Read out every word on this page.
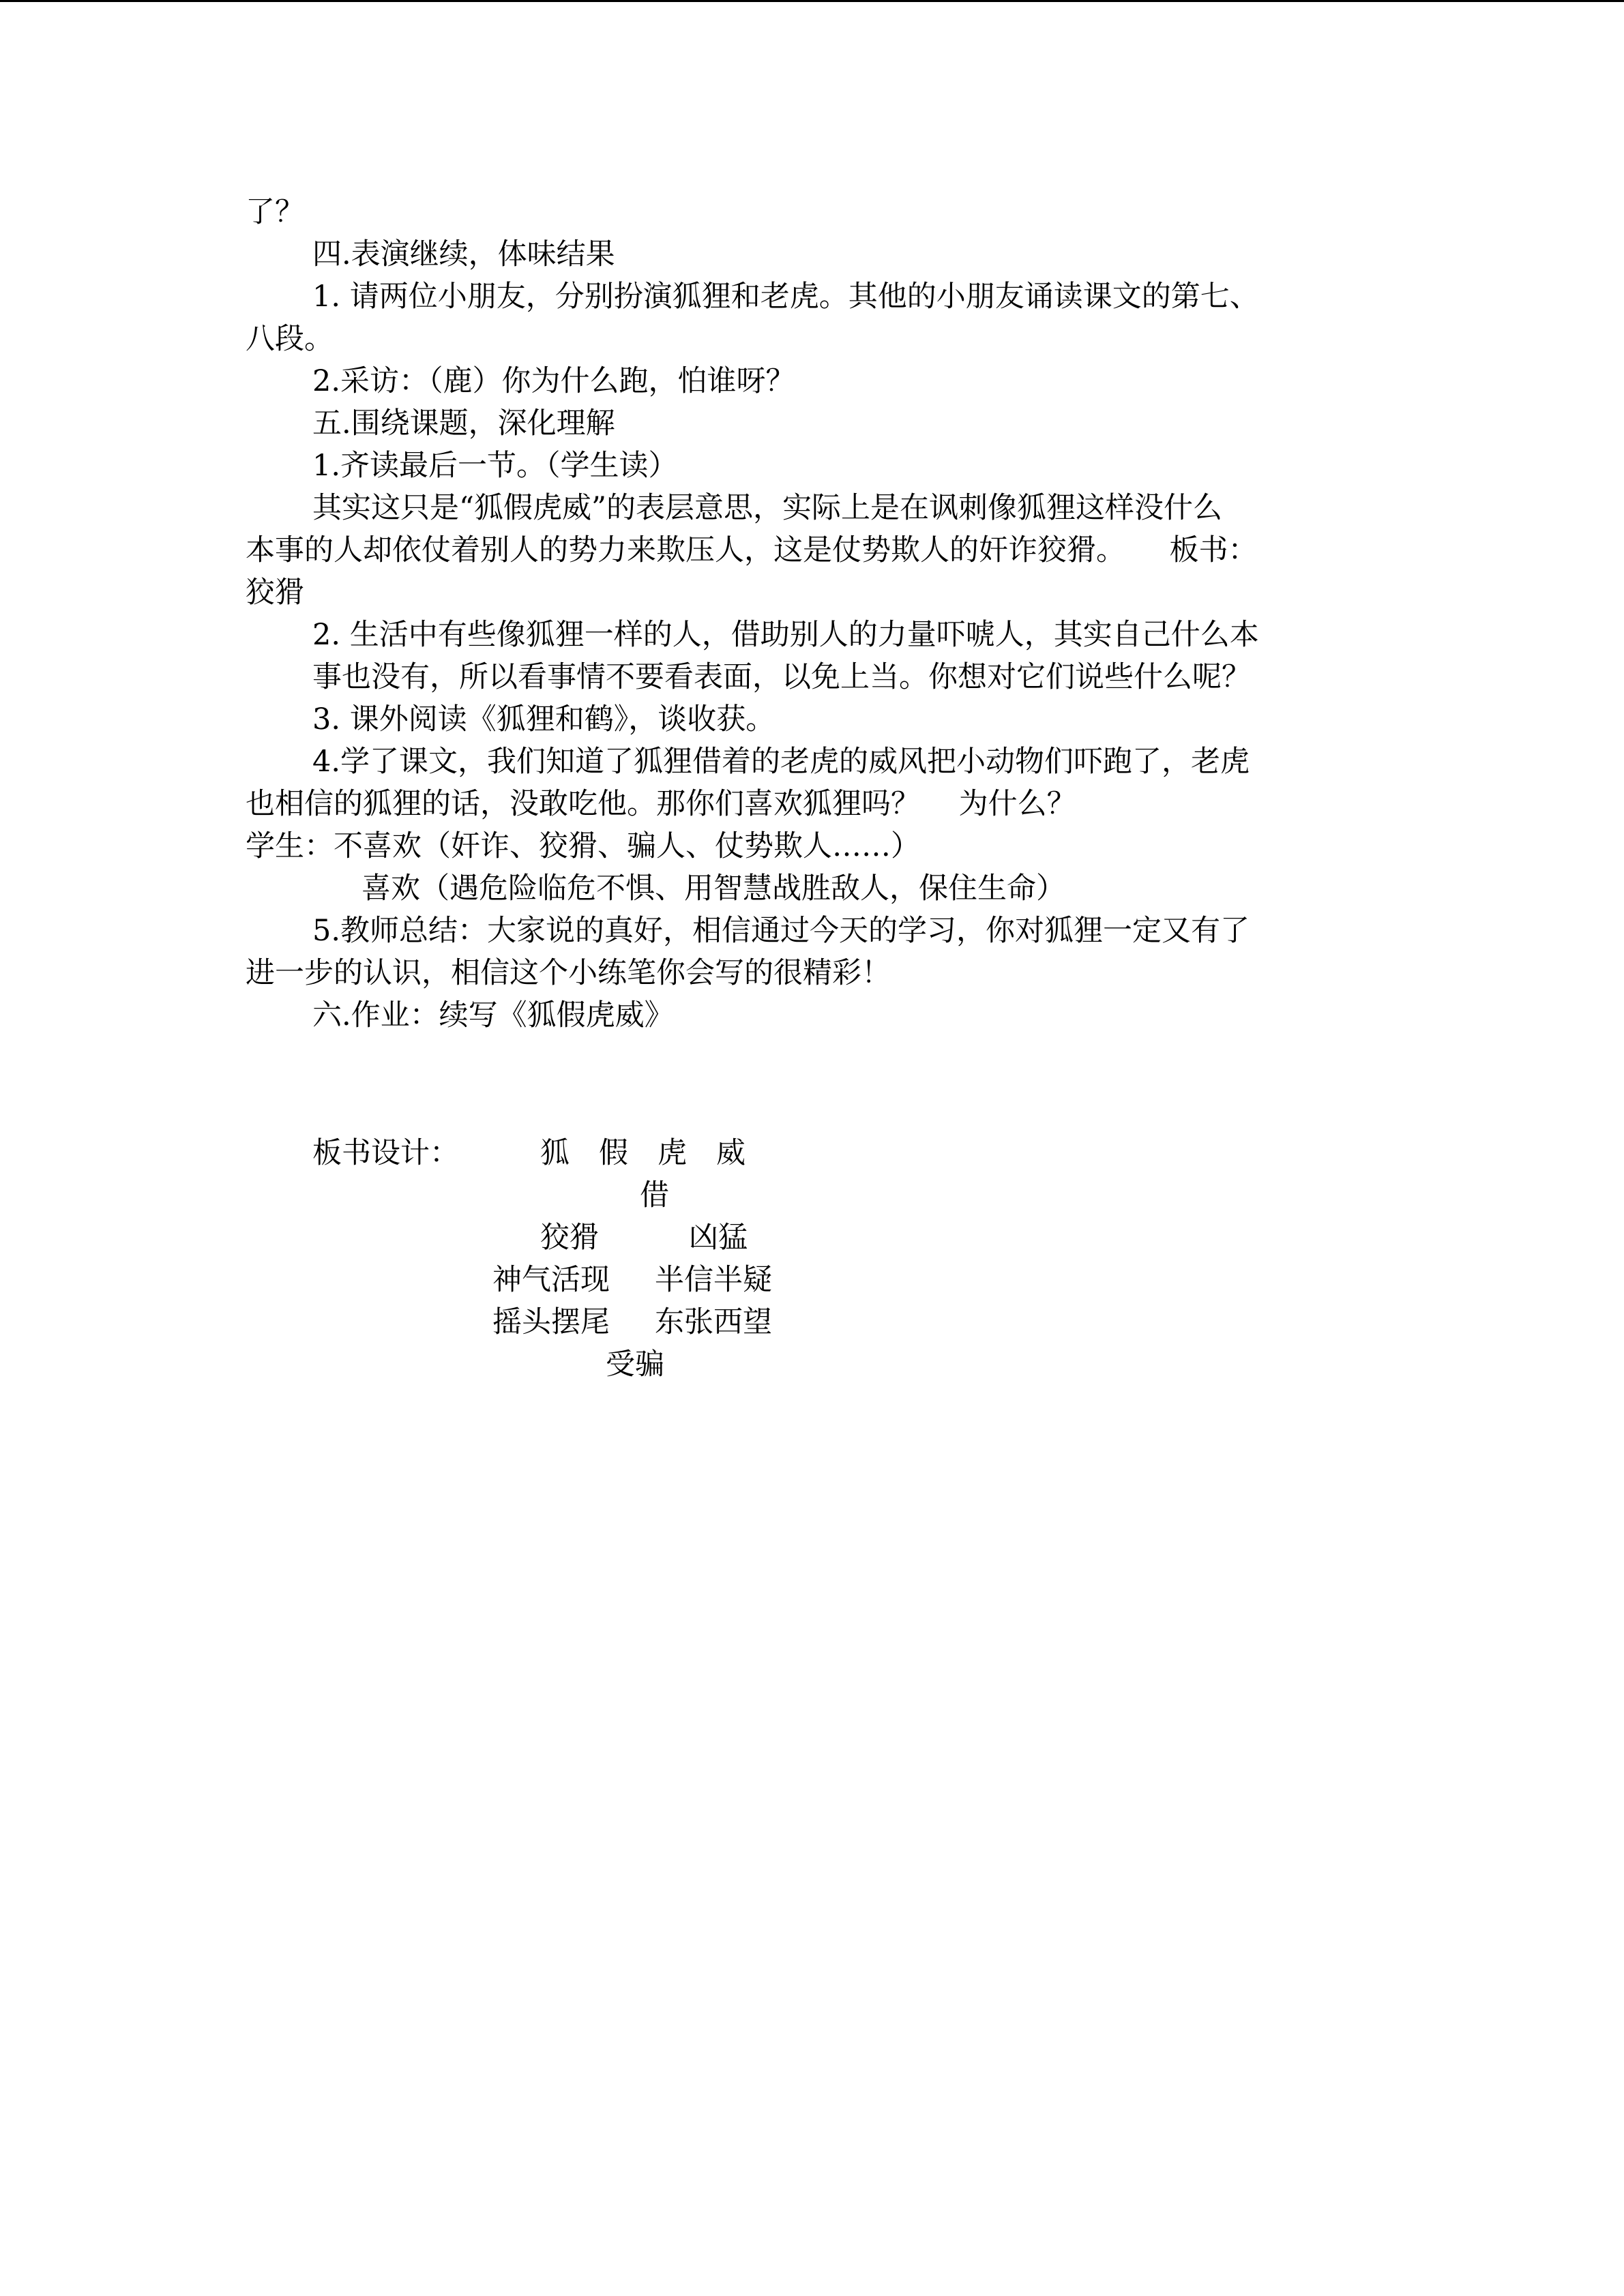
了？
四.表演继续，体味结果
1. 请两位小朋友，分别扮演狐狸和老虎。其他的小朋友诵读课文的第七、
八段。
2.采访：（鹿）你为什么跑，怕谁呀？
五.围绕课题，深化理解
1.齐读最后一节。（学生读）
其实这只是“狐假虎威”的表层意思，实际上是在讽刺像狐狸这样没什么
本事的人却依仗着别人的势力来欺压人，这是仗势欺人的奸诈狡猾。　　板书：
狡猾
2. 生活中有些像狐狸一样的人，借助别人的力量吓唬人，其实自己什么本
事也没有，所以看事情不要看表面，以免上当。你想对它们说些什么呢？
3. 课外阅读《狐狸和鹤》，谈收获。
4.学了课文，我们知道了狐狸借着的老虎的威风把小动物们吓跑了，老虎
也相信的狐狸的话，没敢吃他。那你们喜欢狐狸吗？　 为什么？
学生：不喜欢（奸诈、狡猾、骗人、仗势欺人……）
喜欢（遇危险临危不惧、用智慧战胜敌人，保住生命）
5.教师总结：大家说的真好，相信通过今天的学习，你对狐狸一定又有了
进一步的认识，相信这个小练笔你会写的很精彩！
六.作业：续写《狐假虎威》
板书设计：	狐　假　虎　威
借
狡猾	凶猛
神气活现 半信半疑
摇头摆尾 东张西望
受骗
